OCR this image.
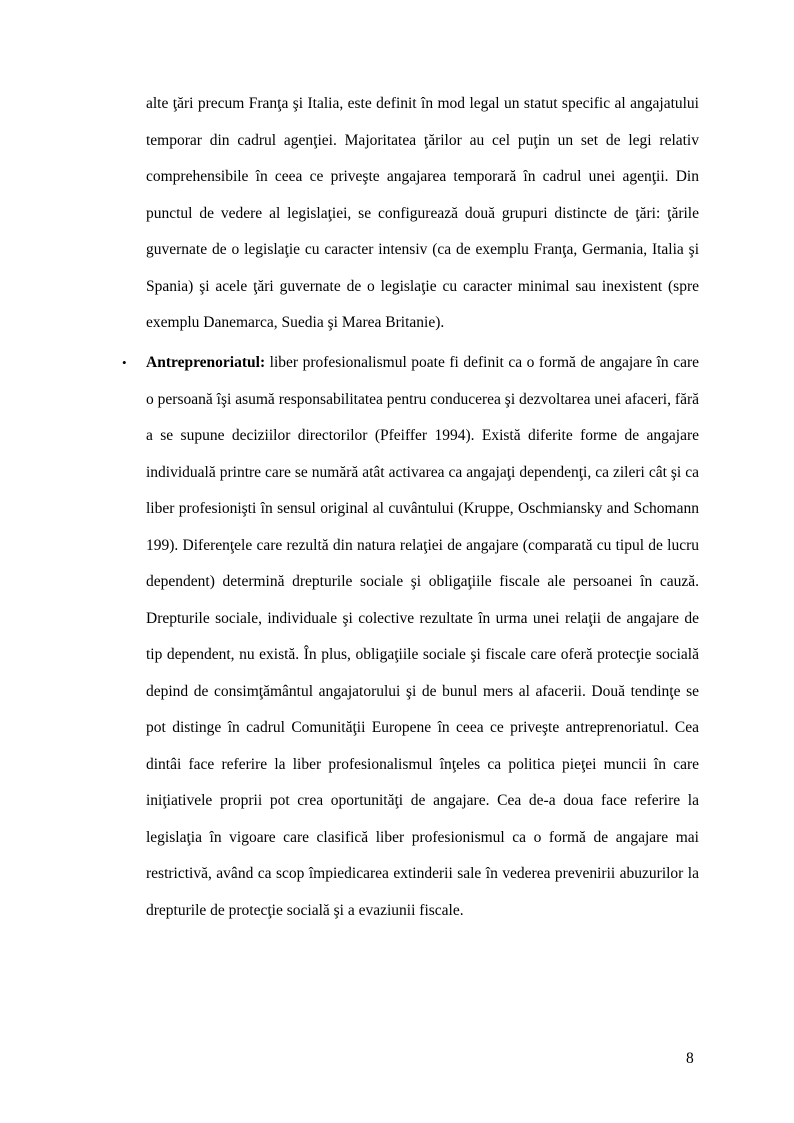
alte ţări precum Franţa şi Italia, este definit în mod legal un statut specific al angajatului temporar din cadrul agenţiei. Majoritatea ţărilor au cel puţin un set de legi relativ comprehensibile în ceea ce priveşte angajarea temporară în cadrul unei agenţii. Din punctul de vedere al legislaţiei, se configurează două grupuri distincte de ţări: ţările guvernate de o legislaţie cu caracter intensiv (ca de exemplu Franţa, Germania, Italia şi Spania) şi acele ţări guvernate de o legislaţie cu caracter minimal sau inexistent (spre exemplu Danemarca, Suedia şi Marea Britanie).
• Antreprenoriatul: liber profesionalismul poate fi definit ca o formă de angajare în care o persoană îşi asumă responsabilitatea pentru conducerea şi dezvoltarea unei afaceri, fără a se supune deciziilor directorilor (Pfeiffer 1994). Există diferite forme de angajare individuală printre care se numără atât activarea ca angajaţi dependenţi, ca zileri cât şi ca liber profesionişti în sensul original al cuvântului (Kruppe, Oschmiansky and Schomann 199). Diferenţele care rezultă din natura relaţiei de angajare (comparată cu tipul de lucru dependent) determină drepturile sociale şi obligaţiile fiscale ale persoanei în cauză. Drepturile sociale, individuale şi colective rezultate în urma unei relaţii de angajare de tip dependent, nu există. În plus, obligaţiile sociale şi fiscale care oferă protecţie socială depind de consimţământul angajatorului şi de bunul mers al afacerii. Două tendinţe se pot distinge în cadrul Comunităţii Europene în ceea ce priveşte antreprenoriatul. Cea dintâi face referire la liber profesionalismul înţeles ca politica pieţei muncii în care iniţiativele proprii pot crea oportunităţi de angajare. Cea de-a doua face referire la legislaţia în vigoare care clasifică liber profesionismul ca o formă de angajare mai restrictivă, având ca scop împiedicarea extinderii sale în vederea prevenirii abuzurilor la drepturile de protecţie socială şi a evaziunii fiscale.
8
